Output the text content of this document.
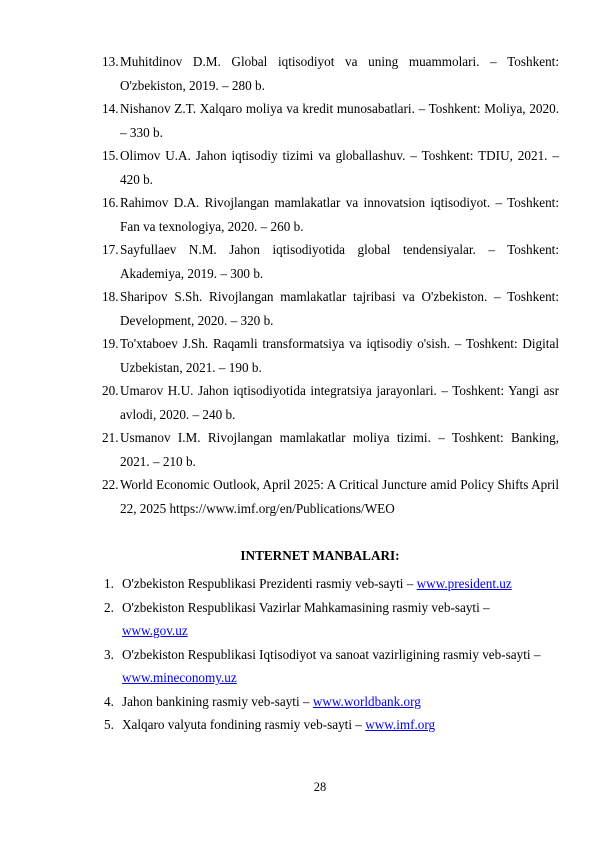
13. Muhitdinov D.M. Global iqtisodiyot va uning muammolari. – Toshkent: O'zbekiston, 2019. – 280 b.
14. Nishanov Z.T. Xalqaro moliya va kredit munosabatlari. – Toshkent: Moliya, 2020. – 330 b.
15. Olimov U.A. Jahon iqtisodiy tizimi va globallashuv. – Toshkent: TDIU, 2021. – 420 b.
16. Rahimov D.A. Rivojlangan mamlakatlar va innovatsion iqtisodiyot. – Toshkent: Fan va texnologiya, 2020. – 260 b.
17. Sayfullaev N.M. Jahon iqtisodiyotida global tendensiyalar. – Toshkent: Akademiya, 2019. – 300 b.
18. Sharipov S.Sh. Rivojlangan mamlakatlar tajribasi va O'zbekiston. – Toshkent: Development, 2020. – 320 b.
19. To'xtaboev J.Sh. Raqamli transformatsiya va iqtisodiy o'sish. – Toshkent: Digital Uzbekistan, 2021. – 190 b.
20. Umarov H.U. Jahon iqtisodiyotida integratsiya jarayonlari. – Toshkent: Yangi asr avlodi, 2020. – 240 b.
21. Usmanov I.M. Rivojlangan mamlakatlar moliya tizimi. – Toshkent: Banking, 2021. – 210 b.
22. World Economic Outlook, April 2025: A Critical Juncture amid Policy Shifts April 22, 2025 https://www.imf.org/en/Publications/WEO
INTERNET MANBALARI:
1. O'zbekiston Respublikasi Prezidenti rasmiy veb-sayti – www.president.uz
2. O'zbekiston Respublikasi Vazirlar Mahkamasining rasmiy veb-sayti –
www.gov.uz
3. O'zbekiston Respublikasi Iqtisodiyot va sanoat vazirligining rasmiy veb-sayti – www.mineconomy.uz
4. Jahon bankining rasmiy veb-sayti – www.worldbank.org
5. Xalqaro valyuta fondining rasmiy veb-sayti – www.imf.org
28
